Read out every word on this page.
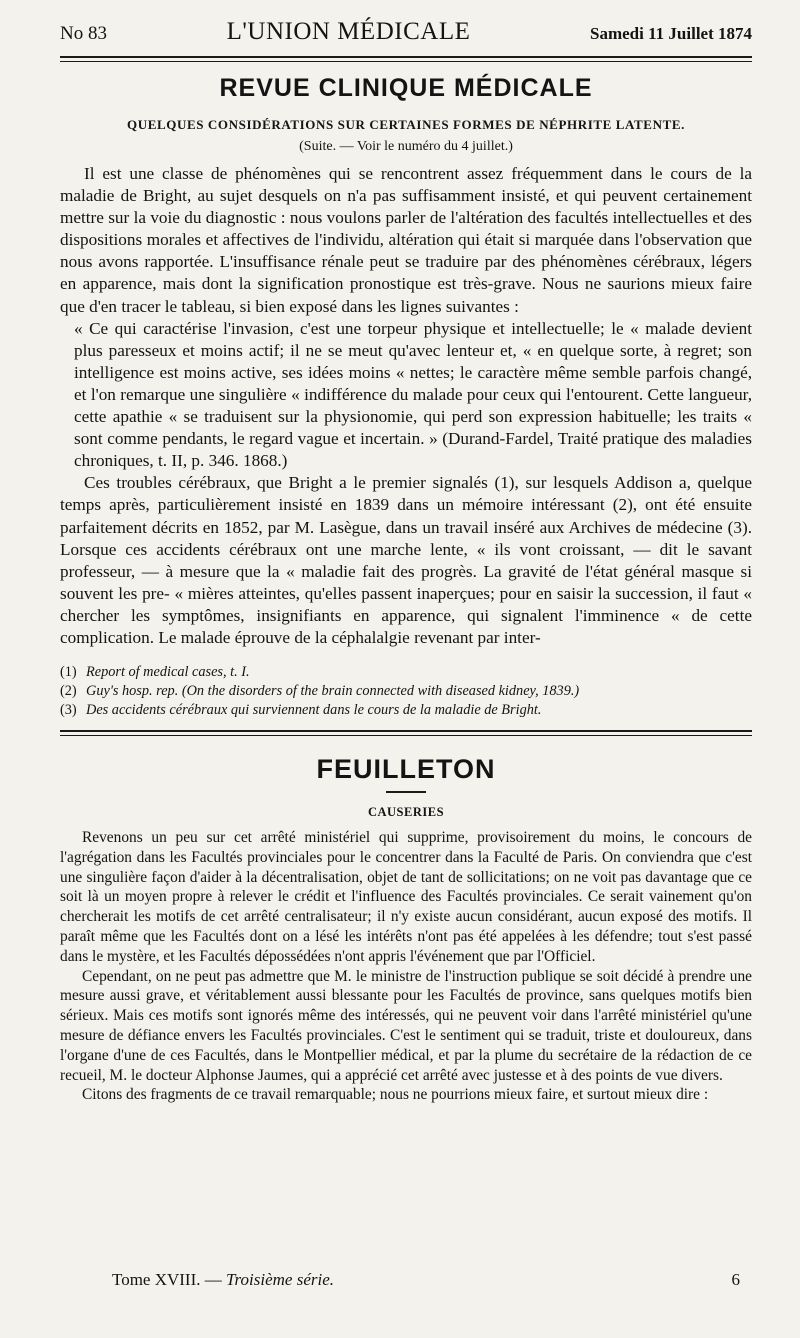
No 83	L'UNION MÉDICALE	Samedi 11 Juillet 1874
REVUE CLINIQUE MÉDICALE
QUELQUES CONSIDÉRATIONS SUR CERTAINES FORMES DE NÉPHRITE LATENTE.
(Suite. — Voir le numéro du 4 juillet.)

Il est une classe de phénomènes qui se rencontrent assez fréquemment dans le cours de la maladie de Bright, au sujet desquels on n'a pas suffisamment insisté, et qui peuvent certainement mettre sur la voie du diagnostic : nous voulons parler de l'altération des facultés intellectuelles et des dispositions morales et affectives de l'individu, altération qui était si marquée dans l'observation que nous avons rapportée. L'insuffisance rénale peut se traduire par des phénomènes cérébraux, légers en apparence, mais dont la signification pronostique est très-grave. Nous ne saurions mieux faire que d'en tracer le tableau, si bien exposé dans les lignes suivantes :

« Ce qui caractérise l'invasion, c'est une torpeur physique et intellectuelle; le « malade devient plus paresseux et moins actif; il ne se meut qu'avec lenteur et, « en quelque sorte, à regret; son intelligence est moins active, ses idées moins « nettes; le caractère même semble parfois changé, et l'on remarque une singulière « indifférence du malade pour ceux qui l'entourent. Cette langueur, cette apathie « se traduisent sur la physionomie, qui perd son expression habituelle; les traits « sont comme pendants, le regard vague et incertain. » (Durand-Fardel, Traité pratique des maladies chroniques, t. II, p. 346. 1868.)

Ces troubles cérébraux, que Bright a le premier signalés (1), sur lesquels Addison a, quelque temps après, particulièrement insisté en 1839 dans un mémoire intéressant (2), ont été ensuite parfaitement décrits en 1852, par M. Lasègue, dans un travail inséré aux Archives de médecine (3). Lorsque ces accidents cérébraux ont une marche lente, « ils vont croissant, — dit le savant professeur, — à mesure que la « maladie fait des progrès. La gravité de l'état général masque si souvent les pre- « mières atteintes, qu'elles passent inaperçues; pour en saisir la succession, il faut « chercher les symptômes, insignifiants en apparence, qui signalent l'imminence « de cette complication. Le malade éprouve de la céphalalgie revenant par inter-

(1) Report of medical cases, t. I.
(2) Guy's hosp. rep. (On the disorders of the brain connected with diseased kidney, 1839.)
(3) Des accidents cérébraux qui surviennent dans le cours de la maladie de Bright.
FEUILLETON
CAUSERIES

Revenons un peu sur cet arrêté ministériel qui supprime, provisoirement du moins, le concours de l'agrégation dans les Facultés provinciales pour le concentrer dans la Faculté de Paris. On conviendra que c'est une singulière façon d'aider à la décentralisation, objet de tant de sollicitations; on ne voit pas davantage que ce soit là un moyen propre à relever le crédit et l'influence des Facultés provinciales. Ce serait vainement qu'on chercherait les motifs de cet arrêté centralisateur; il n'y existe aucun considérant, aucun exposé des motifs. Il paraît même que les Facultés dont on a lésé les intérêts n'ont pas été appelées à les défendre; tout s'est passé dans le mystère, et les Facultés dépossédées n'ont appris l'événement que par l'Officiel.

Cependant, on ne peut pas admettre que M. le ministre de l'instruction publique se soit décidé à prendre une mesure aussi grave, et véritablement aussi blessante pour les Facultés de province, sans quelques motifs bien sérieux. Mais ces motifs sont ignorés même des intéressés, qui ne peuvent voir dans l'arrêté ministériel qu'une mesure de défiance envers les Facultés provinciales. C'est le sentiment qui se traduit, triste et douloureux, dans l'organe d'une de ces Facultés, dans le Montpellier médical, et par la plume du secrétaire de la rédaction de ce recueil, M. le docteur Alphonse Jaumes, qui a apprécié cet arrêté avec justesse et à des points de vue divers.

Citons des fragments de ce travail remarquable; nous ne pourrions mieux faire, et surtout mieux dire :

Tome XVIII. — Troisième série.	6
